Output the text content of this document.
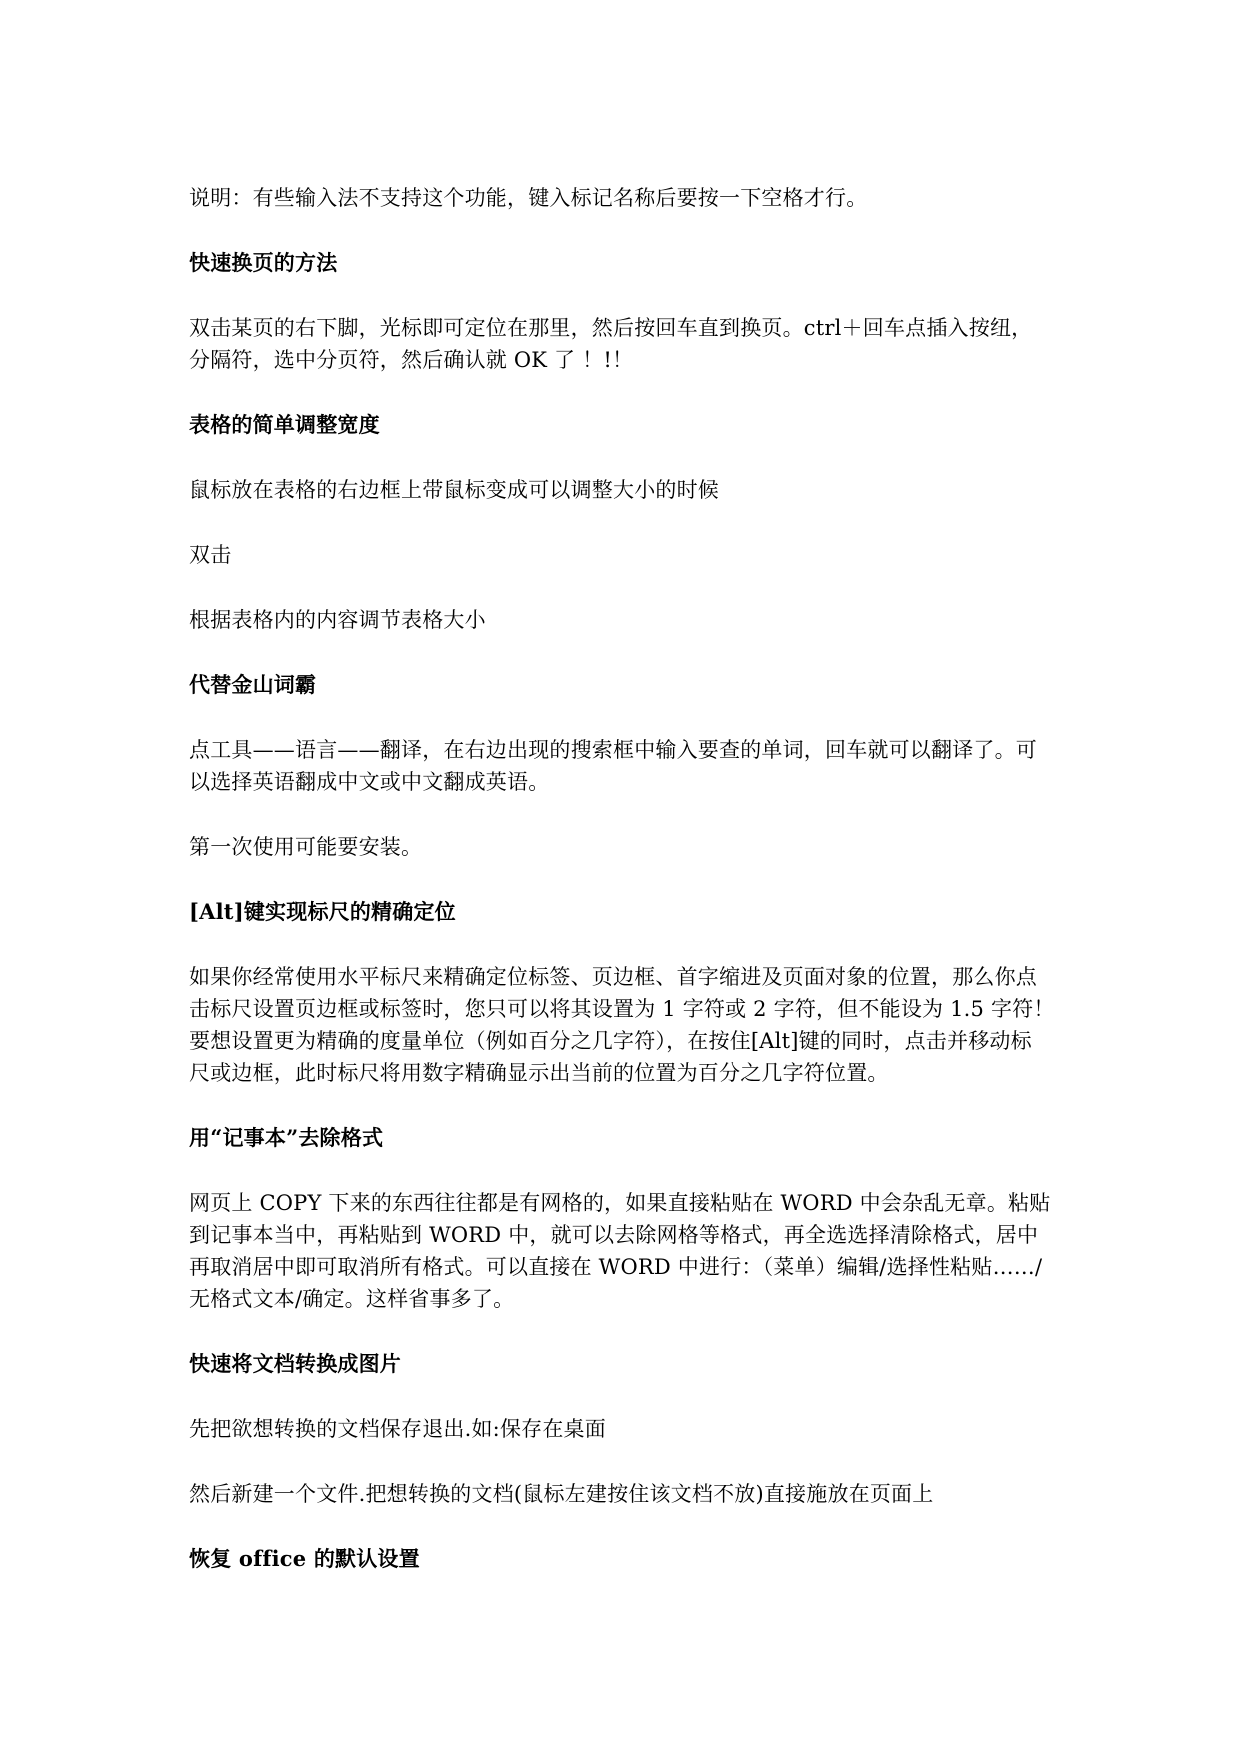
说明：有些输入法不支持这个功能，键入标记名称后要按一下空格才行。
快速换页的方法
双击某页的右下脚，光标即可定位在那里，然后按回车直到换页。ctrl＋回车点插入按纽，
分隔符，选中分页符，然后确认就 OK 了 ！!！
表格的简单调整宽度
鼠标放在表格的右边框上带鼠标变成可以调整大小的时候
双击
根据表格内的内容调节表格大小
代替金山词霸
点工具——语言——翻译，在右边出现的搜索框中输入要查的单词，回车就可以翻译了。可
以选择英语翻成中文或中文翻成英语。
第一次使用可能要安装。
[Alt]键实现标尺的精确定位
如果你经常使用水平标尺来精确定位标签、页边框、首字缩进及页面对象的位置，那么你点
击标尺设置页边框或标签时，您只可以将其设置为 1 字符或 2 字符，但不能设为 1.5 字符！
要想设置更为精确的度量单位（例如百分之几字符），在按住[Alt]键的同时，点击并移动标
尺或边框，此时标尺将用数字精确显示出当前的位置为百分之几字符位置。
用“记事本”去除格式
网页上 COPY 下来的东西往往都是有网格的，如果直接粘贴在 WORD 中会杂乱无章。粘贴
到记事本当中，再粘贴到 WORD 中，就可以去除网格等格式，再全选选择清除格式，居中
再取消居中即可取消所有格式。可以直接在 WORD 中进行：（菜单）编辑/选择性粘贴……/
无格式文本/确定。这样省事多了。
快速将文档转换成图片
先把欲想转换的文档保存退出.如:保存在桌面
然后新建一个文件.把想转换的文档(鼠标左建按住该文档不放)直接施放在页面上
恢复 office 的默认设置
